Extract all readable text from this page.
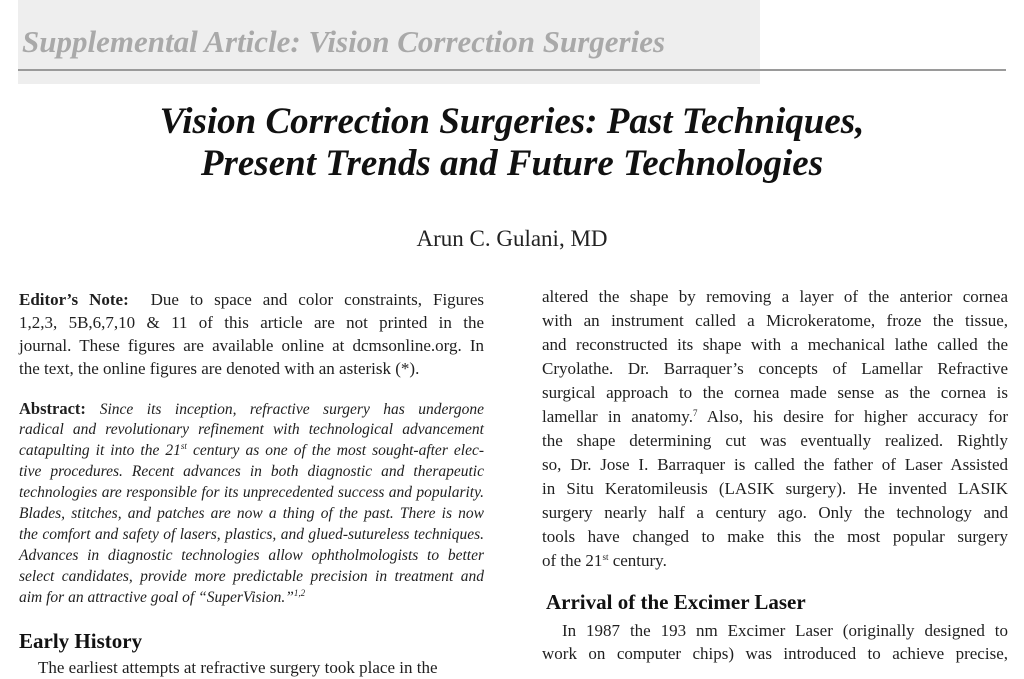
Supplemental Article: Vision Correction Surgeries
Vision Correction Surgeries: Past Techniques,
Present Trends and Future Technologies
Arun C. Gulani, MD
Editor’s Note: Due to space and color constraints, Figures
1,2,3, 5B,6,7,10 & 11 of this article are not printed in the
journal. These figures are available online at dcmsonline.org. In
the text, the online figures are denoted with an asterisk (*).
Abstract: Since its inception, refractive surgery has undergone
radical and revolutionary refinement with technological advancement
catapulting it into the 21st century as one of the most sought-after elec-
tive procedures. Recent advances in both diagnostic and therapeutic
technologies are responsible for its unprecedented success and popularity.
Blades, stitches, and patches are now a thing of the past. There is now
the comfort and safety of lasers, plastics, and glued-sutureless techniques.
Advances in diagnostic technologies allow ophtholmologists to better
select candidates, provide more predictable precision in treatment and
aim for an attractive goal of “SuperVision.”$^{1,2}$
Early History
The earliest attempts at refractive surgery took place in the
altered the shape by removing a layer of the anterior cornea
with an instrument called a Microkeratome, froze the tissue,
and reconstructed its shape with a mechanical lathe called the
Cryolathe. Dr. Barraquer’s concepts of Lamellar Refractive
surgical approach to the cornea made sense as the cornea is
lamellar in anatomy.$^7$ Also, his desire for higher accuracy for
the shape determining cut was eventually realized. Rightly
so, Dr. Jose I. Barraquer is called the father of Laser Assisted
in Situ Keratomileusis (LASIK surgery). He invented LASIK
surgery nearly half a century ago. Only the technology and
tools have changed to make this the most popular surgery
of the 21st century.
Arrival of the Excimer Laser
In 1987 the 193 nm Excimer Laser (originally designed to
work on computer chips) was introduced to achieve precise,
